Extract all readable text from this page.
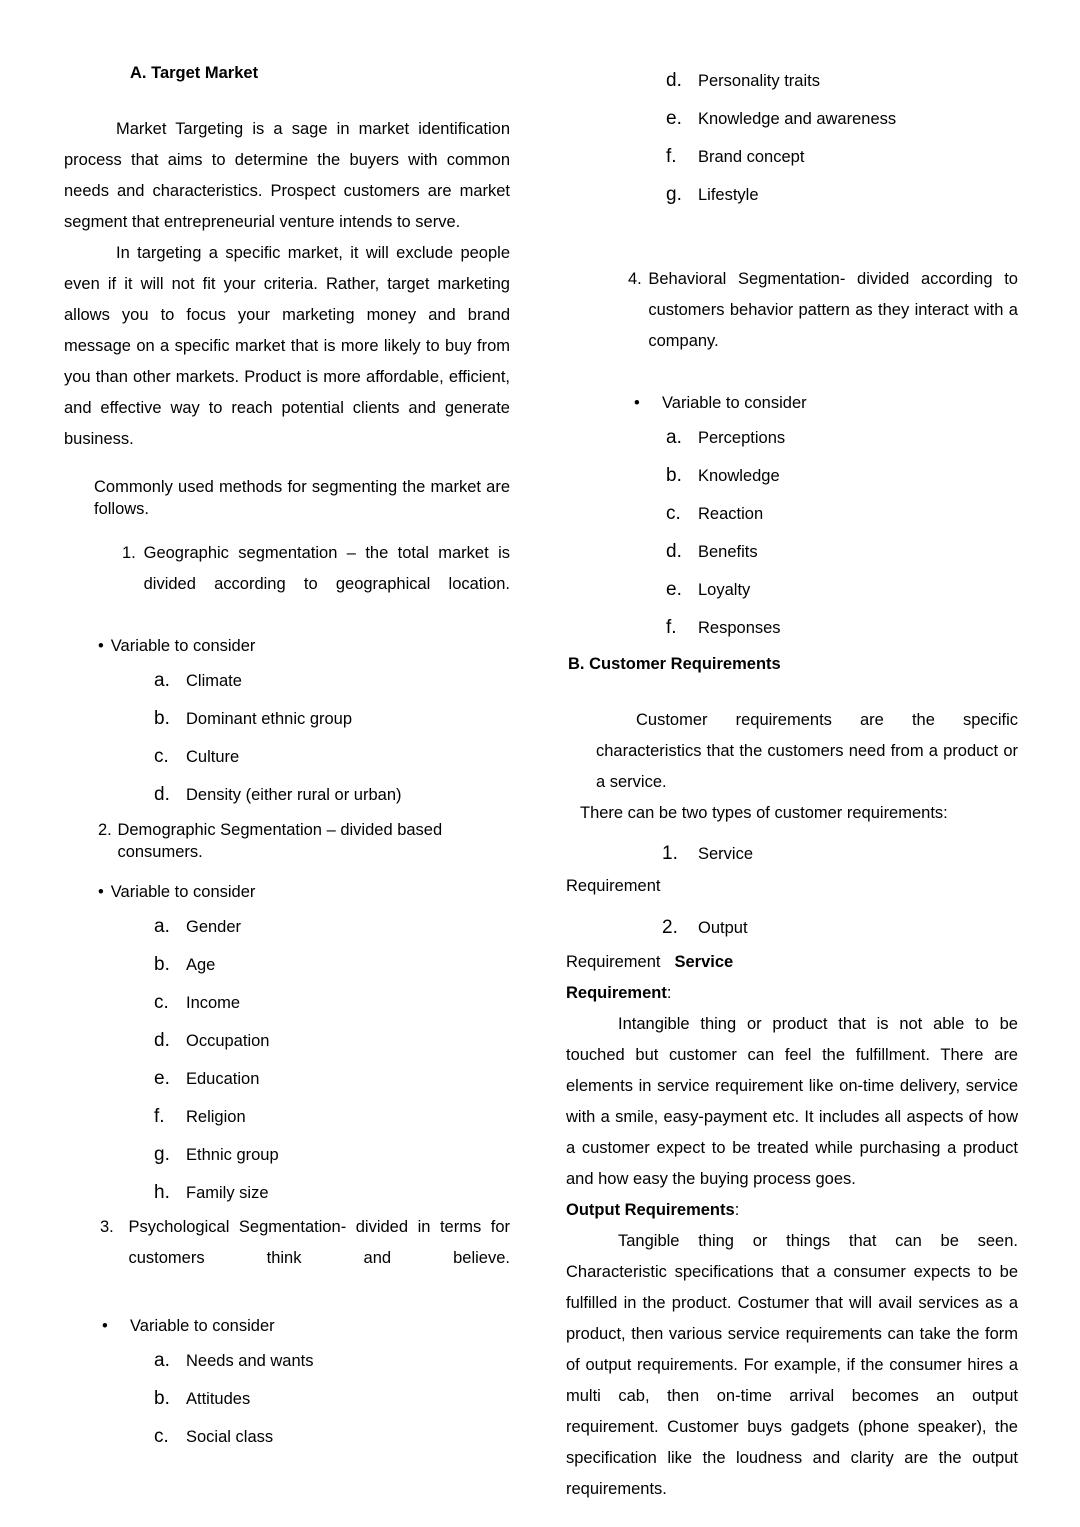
A. Target Market
Market Targeting is a sage in market identification process that aims to determine the buyers with common needs and characteristics. Prospect customers are market segment that entrepreneurial venture intends to serve.
In targeting a specific market, it will exclude people even if it will not fit your criteria. Rather, target marketing allows you to focus your marketing money and brand message on a specific market that is more likely to buy from you than other markets. Product is more affordable, efficient, and effective way to reach potential clients and generate business.
Commonly used methods for segmenting the market are follows.
1. Geographic segmentation – the total market is divided according to geographical location.
• Variable to consider
a. Climate
b. Dominant ethnic group
c.	Culture
d. Density (either rural or urban)
2. Demographic Segmentation – divided based consumers.
• Variable to consider
a. Gender
b. Age
c.	Income
d. Occupation
e. Education
f.	Religion
g. Ethnic group
h. Family size
3. Psychological Segmentation- divided in terms for customers think and believe.
•	Variable to consider
a. Needs and wants
b. Attitudes
c.	Social class
d. Personality traits
e. Knowledge and awareness
f.	Brand concept
g. Lifestyle
4. Behavioral Segmentation- divided according to customers behavior pattern as they interact with a company.
•	Variable to consider
a. Perceptions
b. Knowledge
c.	Reaction
d. Benefits
e. Loyalty
f.	Responses
B. Customer Requirements
Customer requirements are the specific characteristics that the customers need from a product or a service.
There can be two types of customer requirements:
1.	Service
Requirement
2.	Output
Requirement Service
Requirement:
Intangible thing or product that is not able to be touched but customer can feel the fulfillment. There are elements in service requirement like on-time delivery, service with a smile, easy-payment etc. It includes all aspects of how a customer expect to be treated while purchasing a product and how easy the buying process goes.
Output Requirements:
Tangible thing or things that can be seen. Characteristic specifications that a consumer expects to be fulfilled in the product. Costumer that will avail services as a product, then various service requirements can take the form of output requirements. For example, if the consumer hires a multi cab, then on-time arrival becomes an output requirement. Customer buys gadgets (phone speaker), the specification like the loudness and clarity are the output requirements.
